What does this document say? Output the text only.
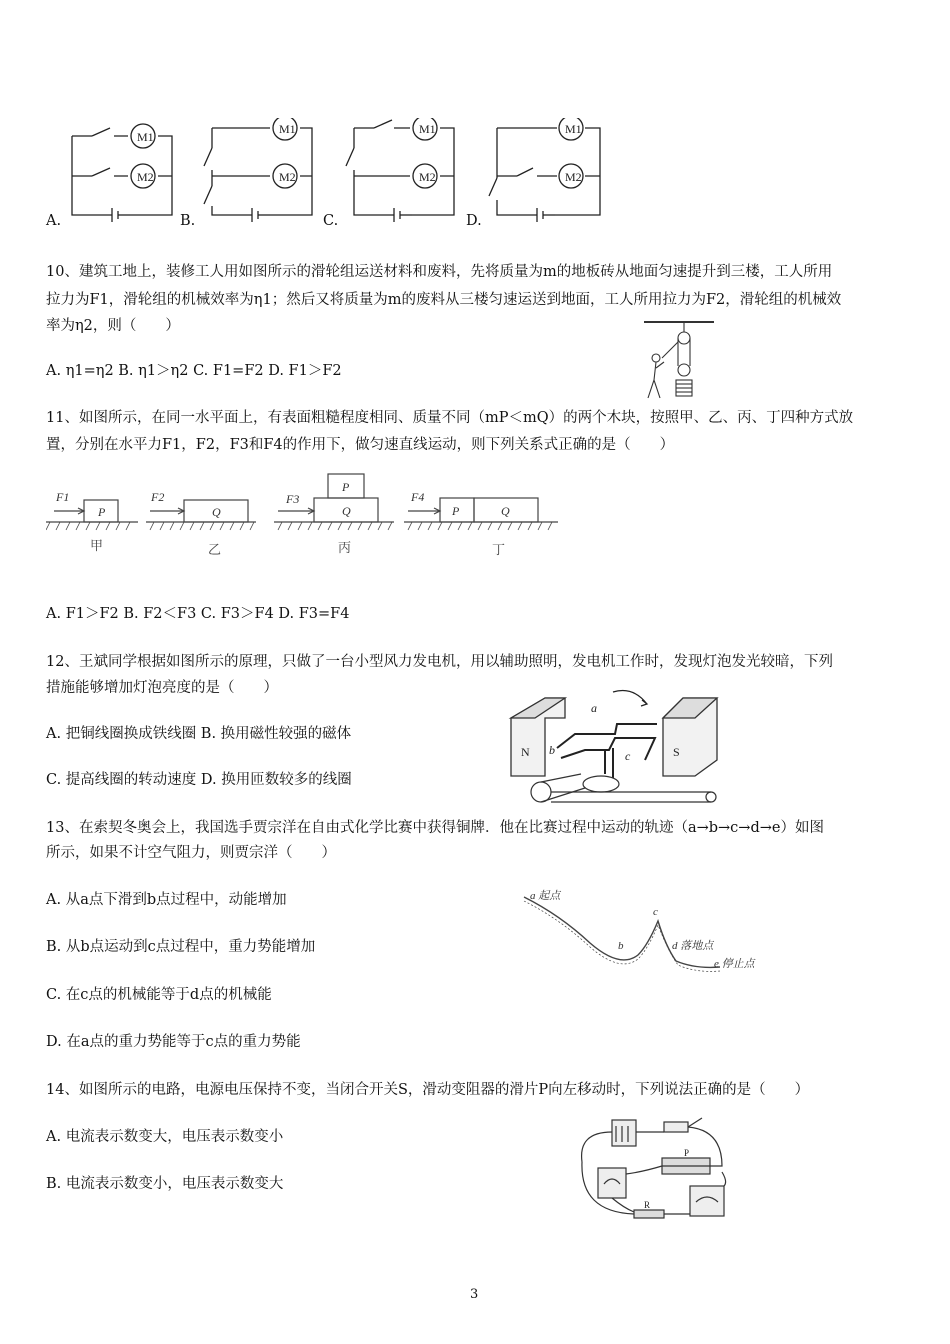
M1
M2
M1
M2
M1
M2
M1
M2
A.	B.	C.	D.
10、建筑工地上，装修工人用如图所示的滑轮组运送材料和废料，先将质量为m的地板砖从地面匀速提升到三楼，工人所用
拉力为F1，滑轮组的机械效率为η1；然后又将质量为m的废料从三楼匀速运送到地面，工人所用拉力为F2，滑轮组的机械效
率为η2，则（　　）
A. η1=η2 B. η1＞η2 C. F1=F2 D. F1＞F2
11、如图所示，在同一水平面上，有表面粗糙程度相同、质量不同（mP＜mQ）的两个木块，按照甲、乙、丙、丁四种方式放
置，分别在水平力F1，F2，F3和F4的作用下，做匀速直线运动，则下列关系式正确的是（　　）
F1	F2	F3	F4
P	Q
P
Q	P	Q
甲	乙	丙	丁
A. F1＞F2 B. F2＜F3 C. F3＞F4 D. F3=F4
12、王斌同学根据如图所示的原理，只做了一台小型风力发电机，用以辅助照明，发电机工作时，发现灯泡发光较暗，下列
措施能够增加灯泡亮度的是（　　）
A. 把铜线圈换成铁线圈 B. 换用磁性较强的磁体
C. 提高线圈的转动速度 D. 换用匝数较多的线圈
N	S
a
b	c
13、在索契冬奥会上，我国选手贾宗洋在自由式化学比赛中获得铜牌．他在比赛过程中运动的轨迹（a→b→c→d→e）如图
所示，如果不计空气阻力，则贾宗洋（　　）
A. 从a点下滑到b点过程中，动能增加
B. 从b点运动到c点过程中，重力势能增加
C. 在c点的机械能等于d点的机械能
D. 在a点的重力势能等于c点的重力势能
a 起点
b
c
d 落地点
e 停止点
14、如图所示的电路，电源电压保持不变，当闭合开关S，滑动变阻器的滑片P向左移动时，下列说法正确的是（　　）
A. 电流表示数变大，电压表示数变小
B. 电流表示数变小，电压表示数变大
P
R
3
